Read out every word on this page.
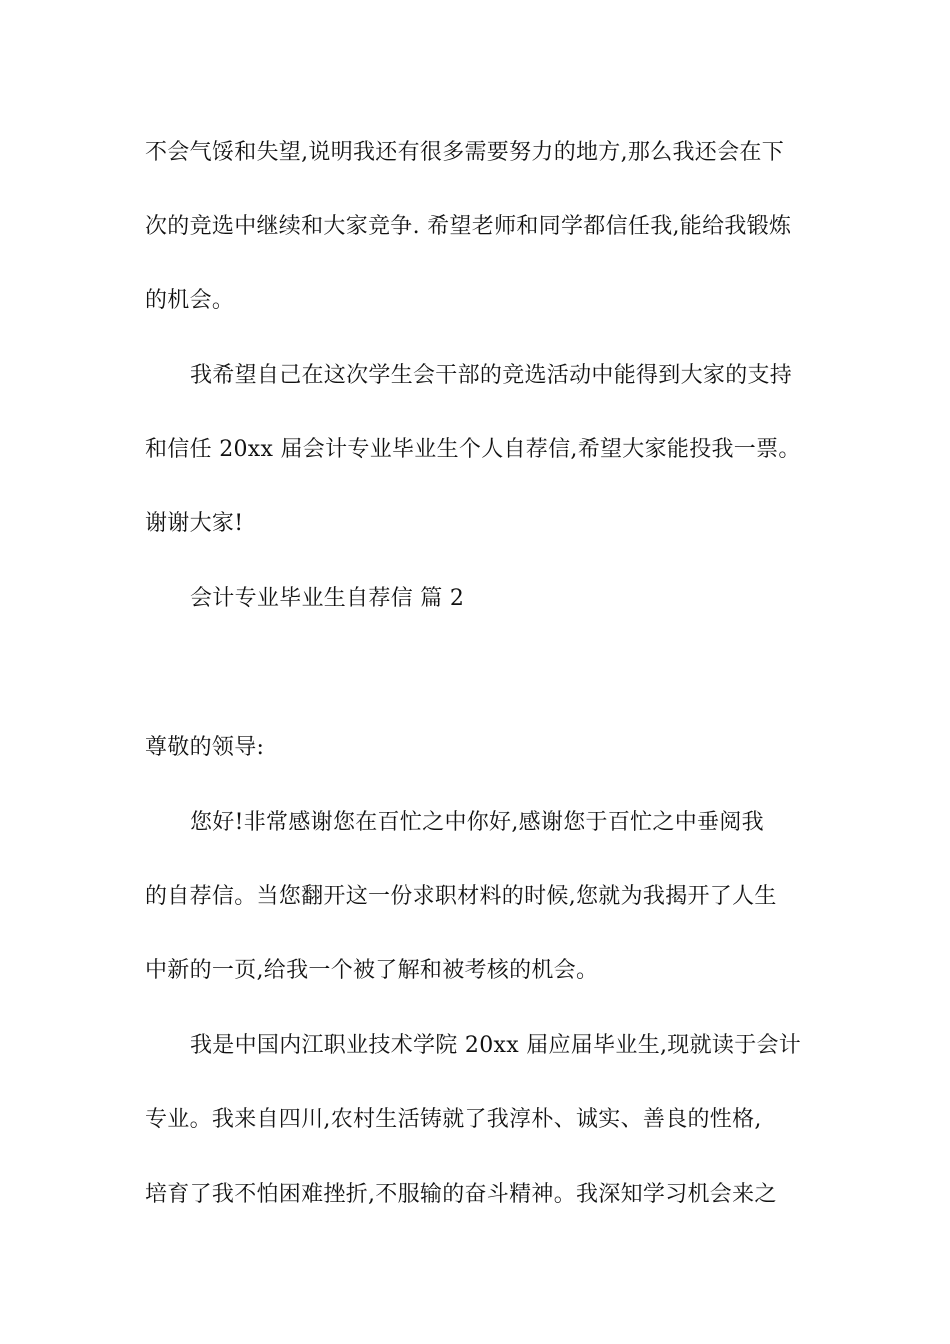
不会气馁和失望,说明我还有很多需要努力的地方,那么我还会在下
次的竞选中继续和大家竞争. 希望老师和同学都信任我,能给我锻炼
的机会。
我希望自己在这次学生会干部的竞选活动中能得到大家的支持
和信任 20xx 届会计专业毕业生个人自荐信,希望大家能投我一票。
谢谢大家!
会计专业毕业生自荐信 篇 2
尊敬的领导:
您好!非常感谢您在百忙之中你好,感谢您于百忙之中垂阅我
的自荐信。当您翻开这一份求职材料的时候,您就为我揭开了人生
中新的一页,给我一个被了解和被考核的机会。
我是中国内江职业技术学院 20xx 届应届毕业生,现就读于会计
专业。我来自四川,农村生活铸就了我淳朴、诚实、善良的性格,
培育了我不怕困难挫折,不服输的奋斗精神。我深知学习机会来之
